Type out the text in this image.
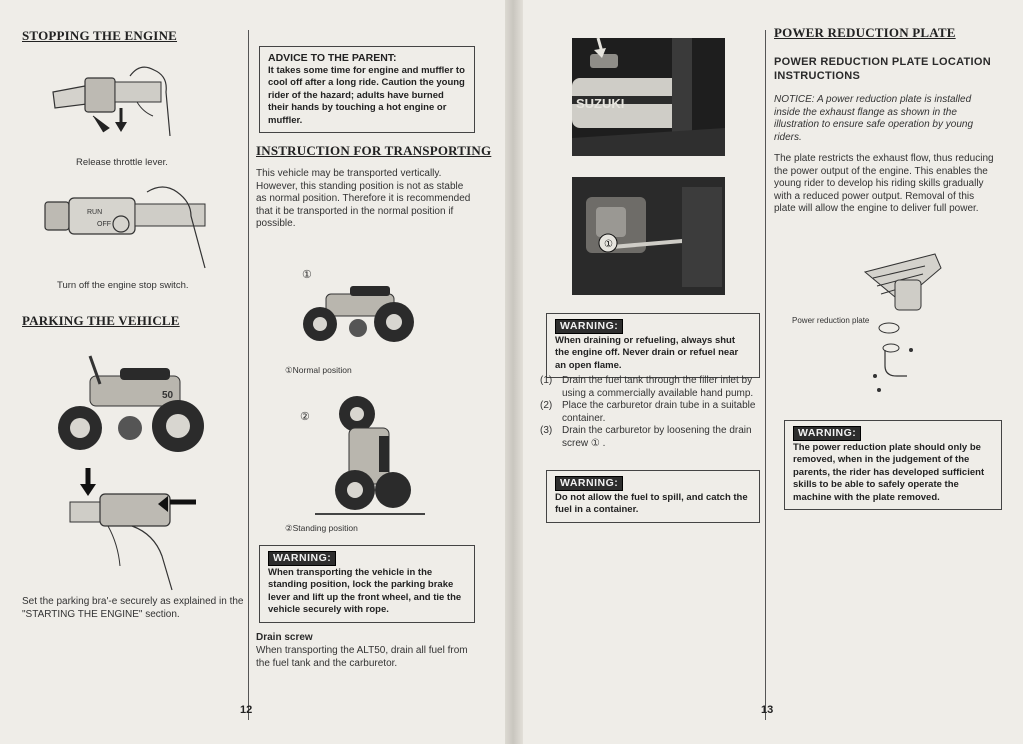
STOPPING THE ENGINE
Release throttle lever.
RUN
OFF
Turn off the engine stop switch.
PARKING THE VEHICLE
50
Set the parking bra'-e securely as explained in the "STARTING THE ENGINE" section.
ADVICE TO THE PARENT:
It takes some time for engine and muffler to cool off after a long ride. Caution the young rider of the hazard; adults have burned their hands by touching a hot engine or muffler.
INSTRUCTION FOR TRANSPORTING
This vehicle may be transported vertically. However, this standing position is not as stable as normal position. Therefore it is recommended that it be transported in the normal position if possible.
①
①Normal position
②
②Standing position
WARNING:
When transporting the vehicle in the standing position, lock the parking brake lever and lift up the front wheel, and tie the vehicle securely with rope.
Drain screw
When transporting the ALT50, drain all fuel from the fuel tank and the carburetor.
12
SUZUKI
①
WARNING:
When draining or refueling, always shut the engine off. Never drain or refuel near an open flame.
(1) Drain the fuel tank through the filler inlet by using a commercially available hand pump.
(2) Place the carburetor drain tube in a suitable container.
(3) Drain the carburetor by loosening the drain screw ① .
WARNING:
Do not allow the fuel to spill, and catch the fuel in a container.
13
POWER REDUCTION PLATE
POWER REDUCTION PLATE LOCATION INSTRUCTIONS
NOTICE: A power reduction plate is installed inside the exhaust flange as shown in the illustration to ensure safe operation by young riders.
The plate restricts the exhaust flow, thus reducing the power output of the engine. This enables the young rider to develop his riding skills gradually with a reduced power output. Removal of this plate will allow the engine to deliver full power.
Power reduction plate
WARNING:
The power reduction plate should only be removed, when in the judgement of the parents, the rider has developed sufficient skills to be able to safely operate the machine with the plate removed.
